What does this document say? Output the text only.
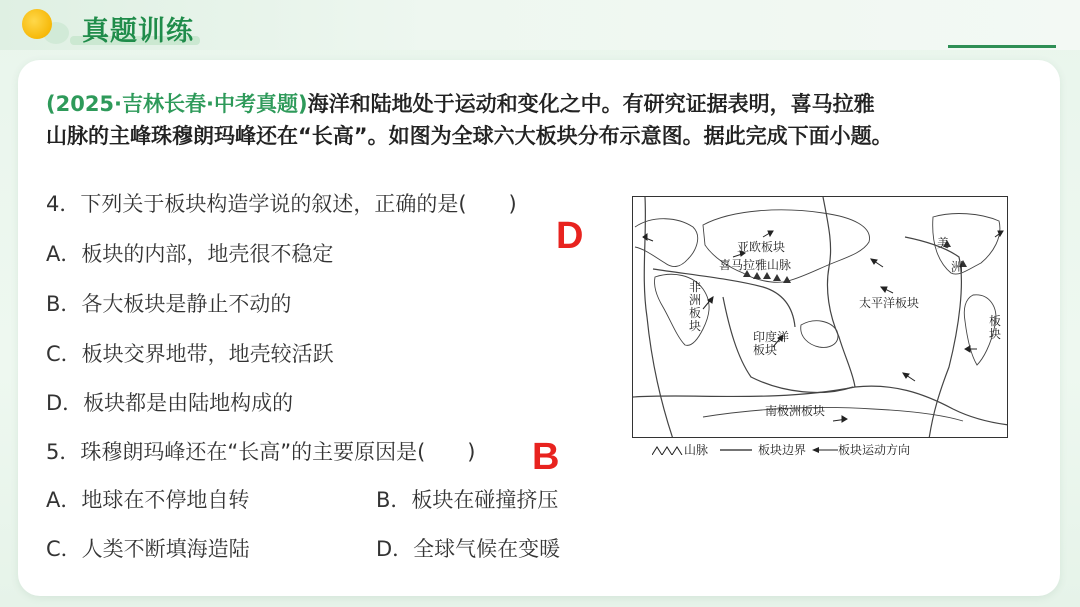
真题训练
(2025·吉林长春·中考真题)海洋和陆地处于运动和变化之中。有研究证据表明，喜马拉雅
山脉的主峰珠穆朗玛峰还在“长高”。如图为全球六大板块分布示意图。据此完成下面小题。
4．下列关于板块构造学说的叙述，正确的是(　　)
D
A．板块的内部，地壳很不稳定
B．各大板块是静止不动的
C．板块交界地带，地壳较活跃
D．板块都是由陆地构成的
5．珠穆朗玛峰还在“长高”的主要原因是(　　) B
A．地球在不停地自转	B．板块在碰撞挤压
C．人类不断填海造陆	D．全球气候在变暖
亚欧板块
喜马拉雅山脉
非
洲
板
块
太平洋板块
印度洋
板块
美
洲
板
块
南极洲板块
山脉	板块边界	板块运动方向
